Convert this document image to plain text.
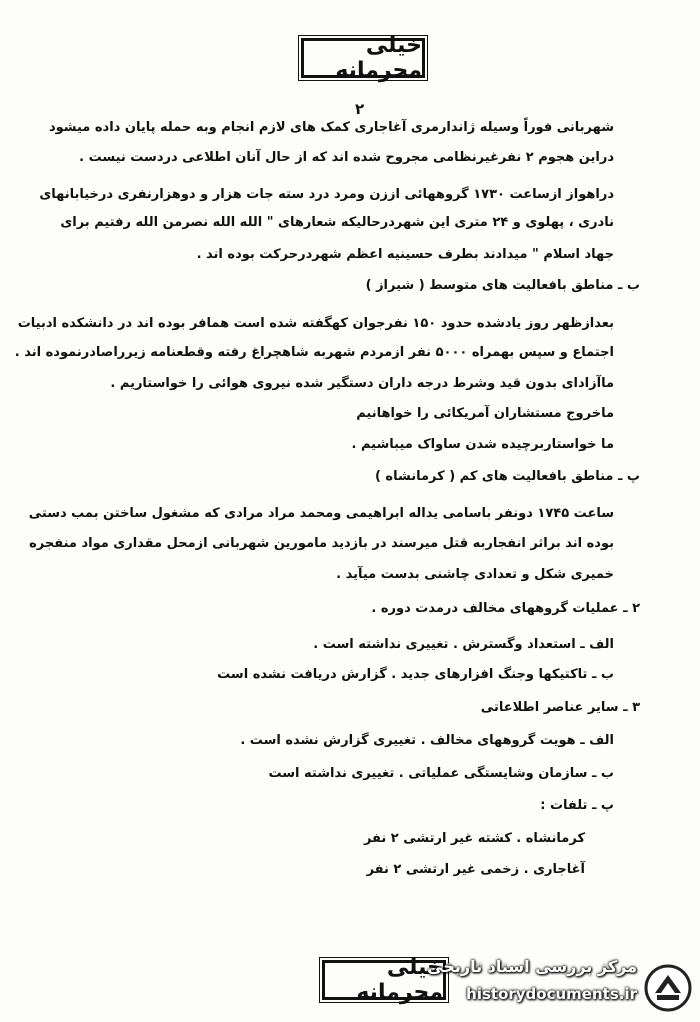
خیلی محرمانه
۲
شهربانی فوراً وسیله ژاندارمری آغاجاری کمک های لازم انجام وبه حمله پایان داده میشود
دراین هجوم ۲ نفرغیرنظامی مجروح شده اند که از حال آنان اطلاعی دردست نیست .
دراهواز ازساعت ۱۷۳۰ گروههائی اززن ومرد درد سته جات هزار و دوهزارنفری درخیابانهای
نادری ، پهلوی و ۲۴ متری این شهردرحالیکه شعارهای " الله الله نصرمن الله رفتیم برای
جهاد اسلام " میدادند بطرف حسینیه اعظم شهردرحرکت بوده اند .
ب ـ مناطق بافعالیت های متوسط ( شیراز )
بعدازظهر روز یادشده حدود ۱۵۰ نفرجوان کهگفته شده است همافر بوده اند در دانشکده ادبیات
اجتماع و سپس بهمراه ۵۰۰۰ نفر ازمردم شهربه شاهچراغ رفته وقطعنامه زیرراصادرنموده اند .
ماآزادای بدون قید وشرط درجه داران دستگیر شده نیروی هوائی را خواستاریم .
ماخروج مستشاران آمریکائی را خواهانیم
ما خواستاربرچیده شدن ساواک میباشیم .
پ ـ مناطق بافعالیت های کم ( کرمانشاه )
ساعت ۱۷۴۵ دونفر باسامی یداله ابراهیمی ومحمد مراد مرادی که مشغول ساختن بمب دستی
بوده اند براثر انفجاربه قتل میرسند در بازدید مامورین شهربانی ازمحل مقداری مواد منفجره
خمیری شکل و تعدادی چاشنی بدست میآید .
۲ ـ عملیات گروههای مخالف درمدت دوره .
الف ـ استعداد وگسترش . تغییری نداشته است .
ب ـ تاکتیکها وجنگ افزارهای جدید . گزارش دریافت نشده است
۳ ـ سایر عناصر اطلاعاتی
الف ـ هویت گروههای مخالف . تغییری گزارش نشده است .
ب ـ سازمان وشایستگی عملیاتی . تغییری نداشته است
پ ـ تلفات :
کرمانشاه . کشته غیر ارتشی ۲ نفر
آغاجاری . زخمی غیر ارتشی ۲ نفر
خیلی محرمانه
مرکز بررسی اسناد تاریخی
historydocuments.ir
